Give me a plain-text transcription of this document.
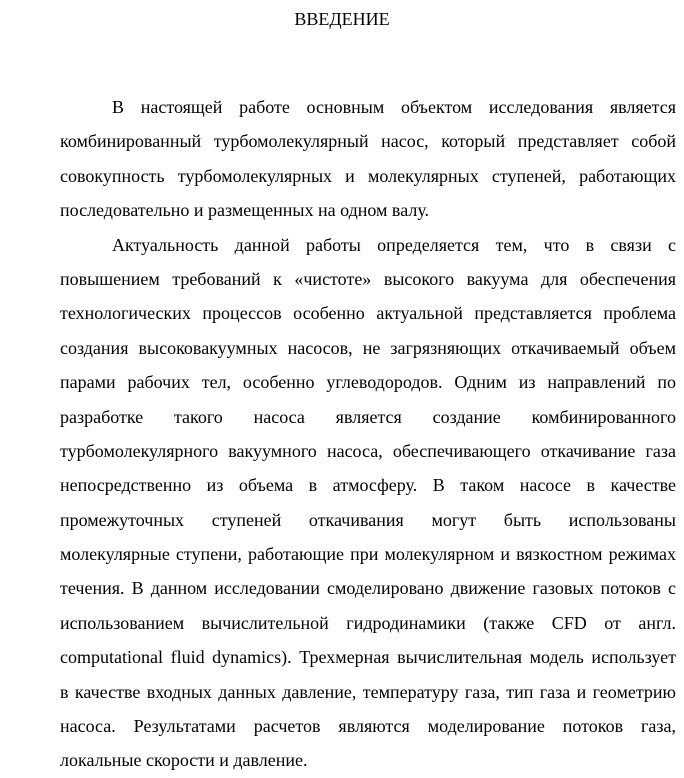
ВВЕДЕНИЕ
В настоящей работе основным объектом исследования является
комбинированный турбомолекулярный насос, который представляет собой
совокупность турбомолекулярных и молекулярных ступеней, работающих
последовательно и размещенных на одном валу.
Актуальность данной работы определяется тем, что в связи с
повышением требований к «чистоте» высокого вакуума для обеспечения
технологических процессов особенно актуальной представляется проблема
создания высоковакуумных насосов, не загрязняющих откачиваемый объем
парами рабочих тел, особенно углеводородов. Одним из направлений по
разработке такого насоса является создание комбинированного
турбомолекулярного вакуумного насоса, обеспечивающего откачивание газа
непосредственно из объема в атмосферу. В таком насосе в качестве
промежуточных ступеней откачивания могут быть использованы
молекулярные ступени, работающие при молекулярном и вязкостном режимах
течения. В данном исследовании смоделировано движение газовых потоков с
использованием вычислительной гидродинамики (также CFD от англ.
computational fluid dynamics). Трехмерная вычислительная модель использует
в качестве входных данных давление, температуру газа, тип газа и геометрию
насоса. Результатами расчетов являются моделирование потоков газа,
локальные скорости и давление.
